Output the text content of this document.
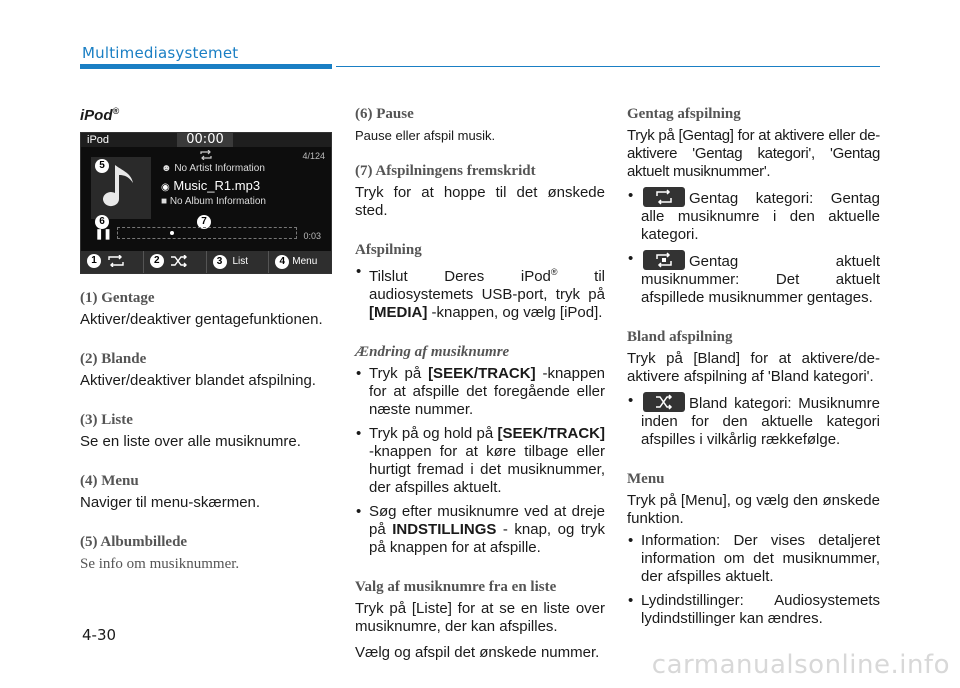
Multimediasystemet
iPod®
iPod	00:00
4/124
5	☻ No Artist Information
◉ Music_R1.mp3
■ No Album Information
6	7
❚❚	0:03
1	2	3 List	4 Menu
(1) Gentage
Aktiver/deaktiver gentagefunktionen.
(2) Blande
Aktiver/deaktiver blandet afspilning.
(3) Liste
Se en liste over alle musiknumre.
(4) Menu
Naviger til menu-skærmen.
(5) Albumbillede
Se info om musiknummer.
(6) Pause
Pause eller afspil musik.
(7) Afspilningens fremskridt
Tryk for at hoppe til det ønskede sted.
Afspilning
• Tilslut Deres iPod® til audiosystemets USB-port, tryk på [MEDIA] -knappen, og vælg [iPod].
Ændring af musiknumre
• Tryk på [SEEK/TRACK] -knappen for at afspille det foregående eller næste nummer.
• Tryk på og hold på [SEEK/TRACK] -knappen for at køre tilbage eller hurtigt fremad i det musiknummer, der afspilles aktuelt.
• Søg efter musiknumre ved at dreje på INDSTILLINGS - knap, og tryk på knappen for at afspille.
Valg af musiknumre fra en liste
Tryk på [Liste] for at se en liste over musiknumre, der kan afspilles.
Vælg og afspil det ønskede nummer.
Gentag afspilning
Tryk på [Gentag] for at aktivere eller de-aktivere 'Gentag kategori', 'Gentag aktuelt musiknummer'.
• Gentag kategori: Gentag alle musiknumre i den aktuelle kategori.
• Gentag aktuelt musiknummer: Det aktuelt afspillede musiknummer gentages.
Bland afspilning
Tryk på [Bland] for at aktivere/de-aktivere afspilning af 'Bland kategori'.
• Bland kategori: Musiknumre inden for den aktuelle kategori afspilles i vilkårlig rækkefølge.
Menu
Tryk på [Menu], og vælg den ønskede funktion.
• Information: Der vises detaljeret information om det musiknummer, der afspilles aktuelt.
• Lydindstillinger: Audiosystemets lydindstillinger kan ændres.
4-30
carmanualsonline.info
